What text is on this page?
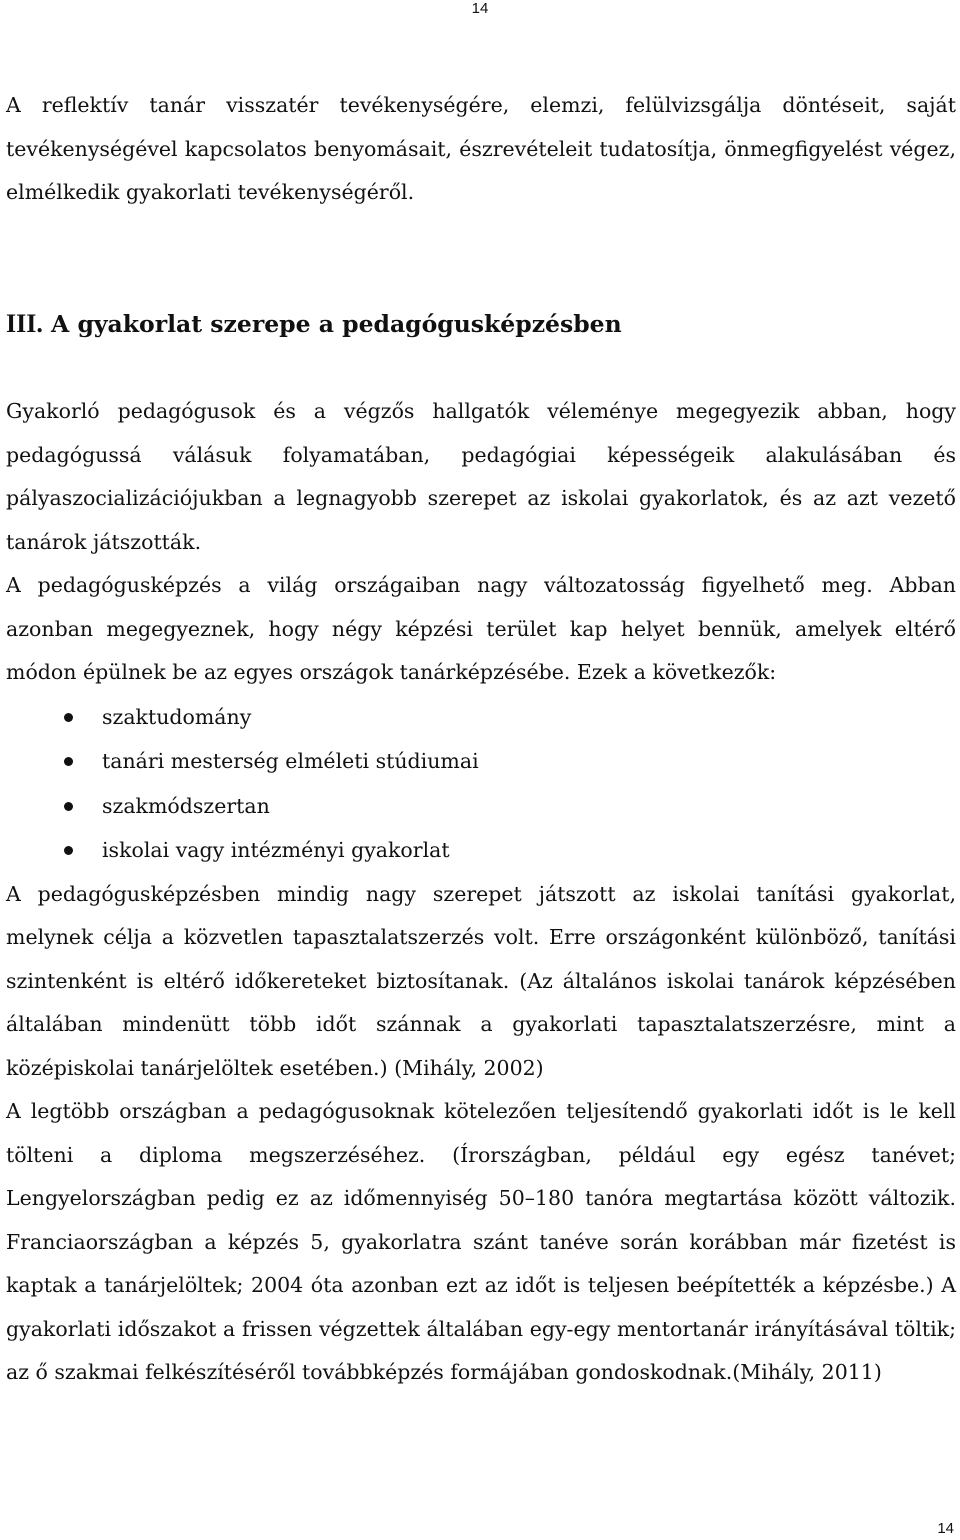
14

A reflektív tanár visszatér tevékenységére, elemzi, felülvizsgálja döntéseit, saját tevékenységével kapcsolatos benyomásait, észrevételeit tudatosítja, önmegfigyelést végez, elmélkedik gyakorlati tevékenységéről.

III. A gyakorlat szerepe a pedagógusképzésben

Gyakorló pedagógusok és a végzős hallgatók véleménye megegyezik abban, hogy pedagógussá válásuk folyamatában, pedagógiai képességeik alakulásában és pályaszocializációjukban a legnagyobb szerepet az iskolai gyakorlatok, és az azt vezető tanárok játszották.

A pedagógusképzés a világ országaiban nagy változatosság figyelhető meg. Abban azonban megegyeznek, hogy négy képzési terület kap helyet bennük, amelyek eltérő módon épülnek be az egyes országok tanárképzésébe. Ezek a következők:

szaktudomány
tanári mesterség elméleti stúdiumai
szakmódszertan
iskolai vagy intézményi gyakorlat

A pedagógusképzésben mindig nagy szerepet játszott az iskolai tanítási gyakorlat, melynek célja a közvetlen tapasztalatszerzés volt. Erre országonként különböző, tanítási szintenként is eltérő időkereteket biztosítanak. (Az általános iskolai tanárok képzésében általában mindenütt több időt szánnak a gyakorlati tapasztalatszerzésre, mint a középiskolai tanárjelöltek esetében.) (Mihály, 2002)

A legtöbb országban a pedagógusoknak kötelezően teljesítendő gyakorlati időt is le kell tölteni a diploma megszerzéséhez. (Írországban, például egy egész tanévet; Lengyelországban pedig ez az időmennyiség 50–180 tanóra megtartása között változik. Franciaországban a képzés 5, gyakorlatra szánt tanéve során korábban már fizetést is kaptak a tanárjelöltek; 2004 óta azonban ezt az időt is teljesen beépítették a képzésbe.) A gyakorlati időszakot a frissen végzettek általában egy-egy mentortanár irányításával töltik; az ő szakmai felkészítéséről továbbképzés formájában gondoskodnak.(Mihály, 2011)

14
